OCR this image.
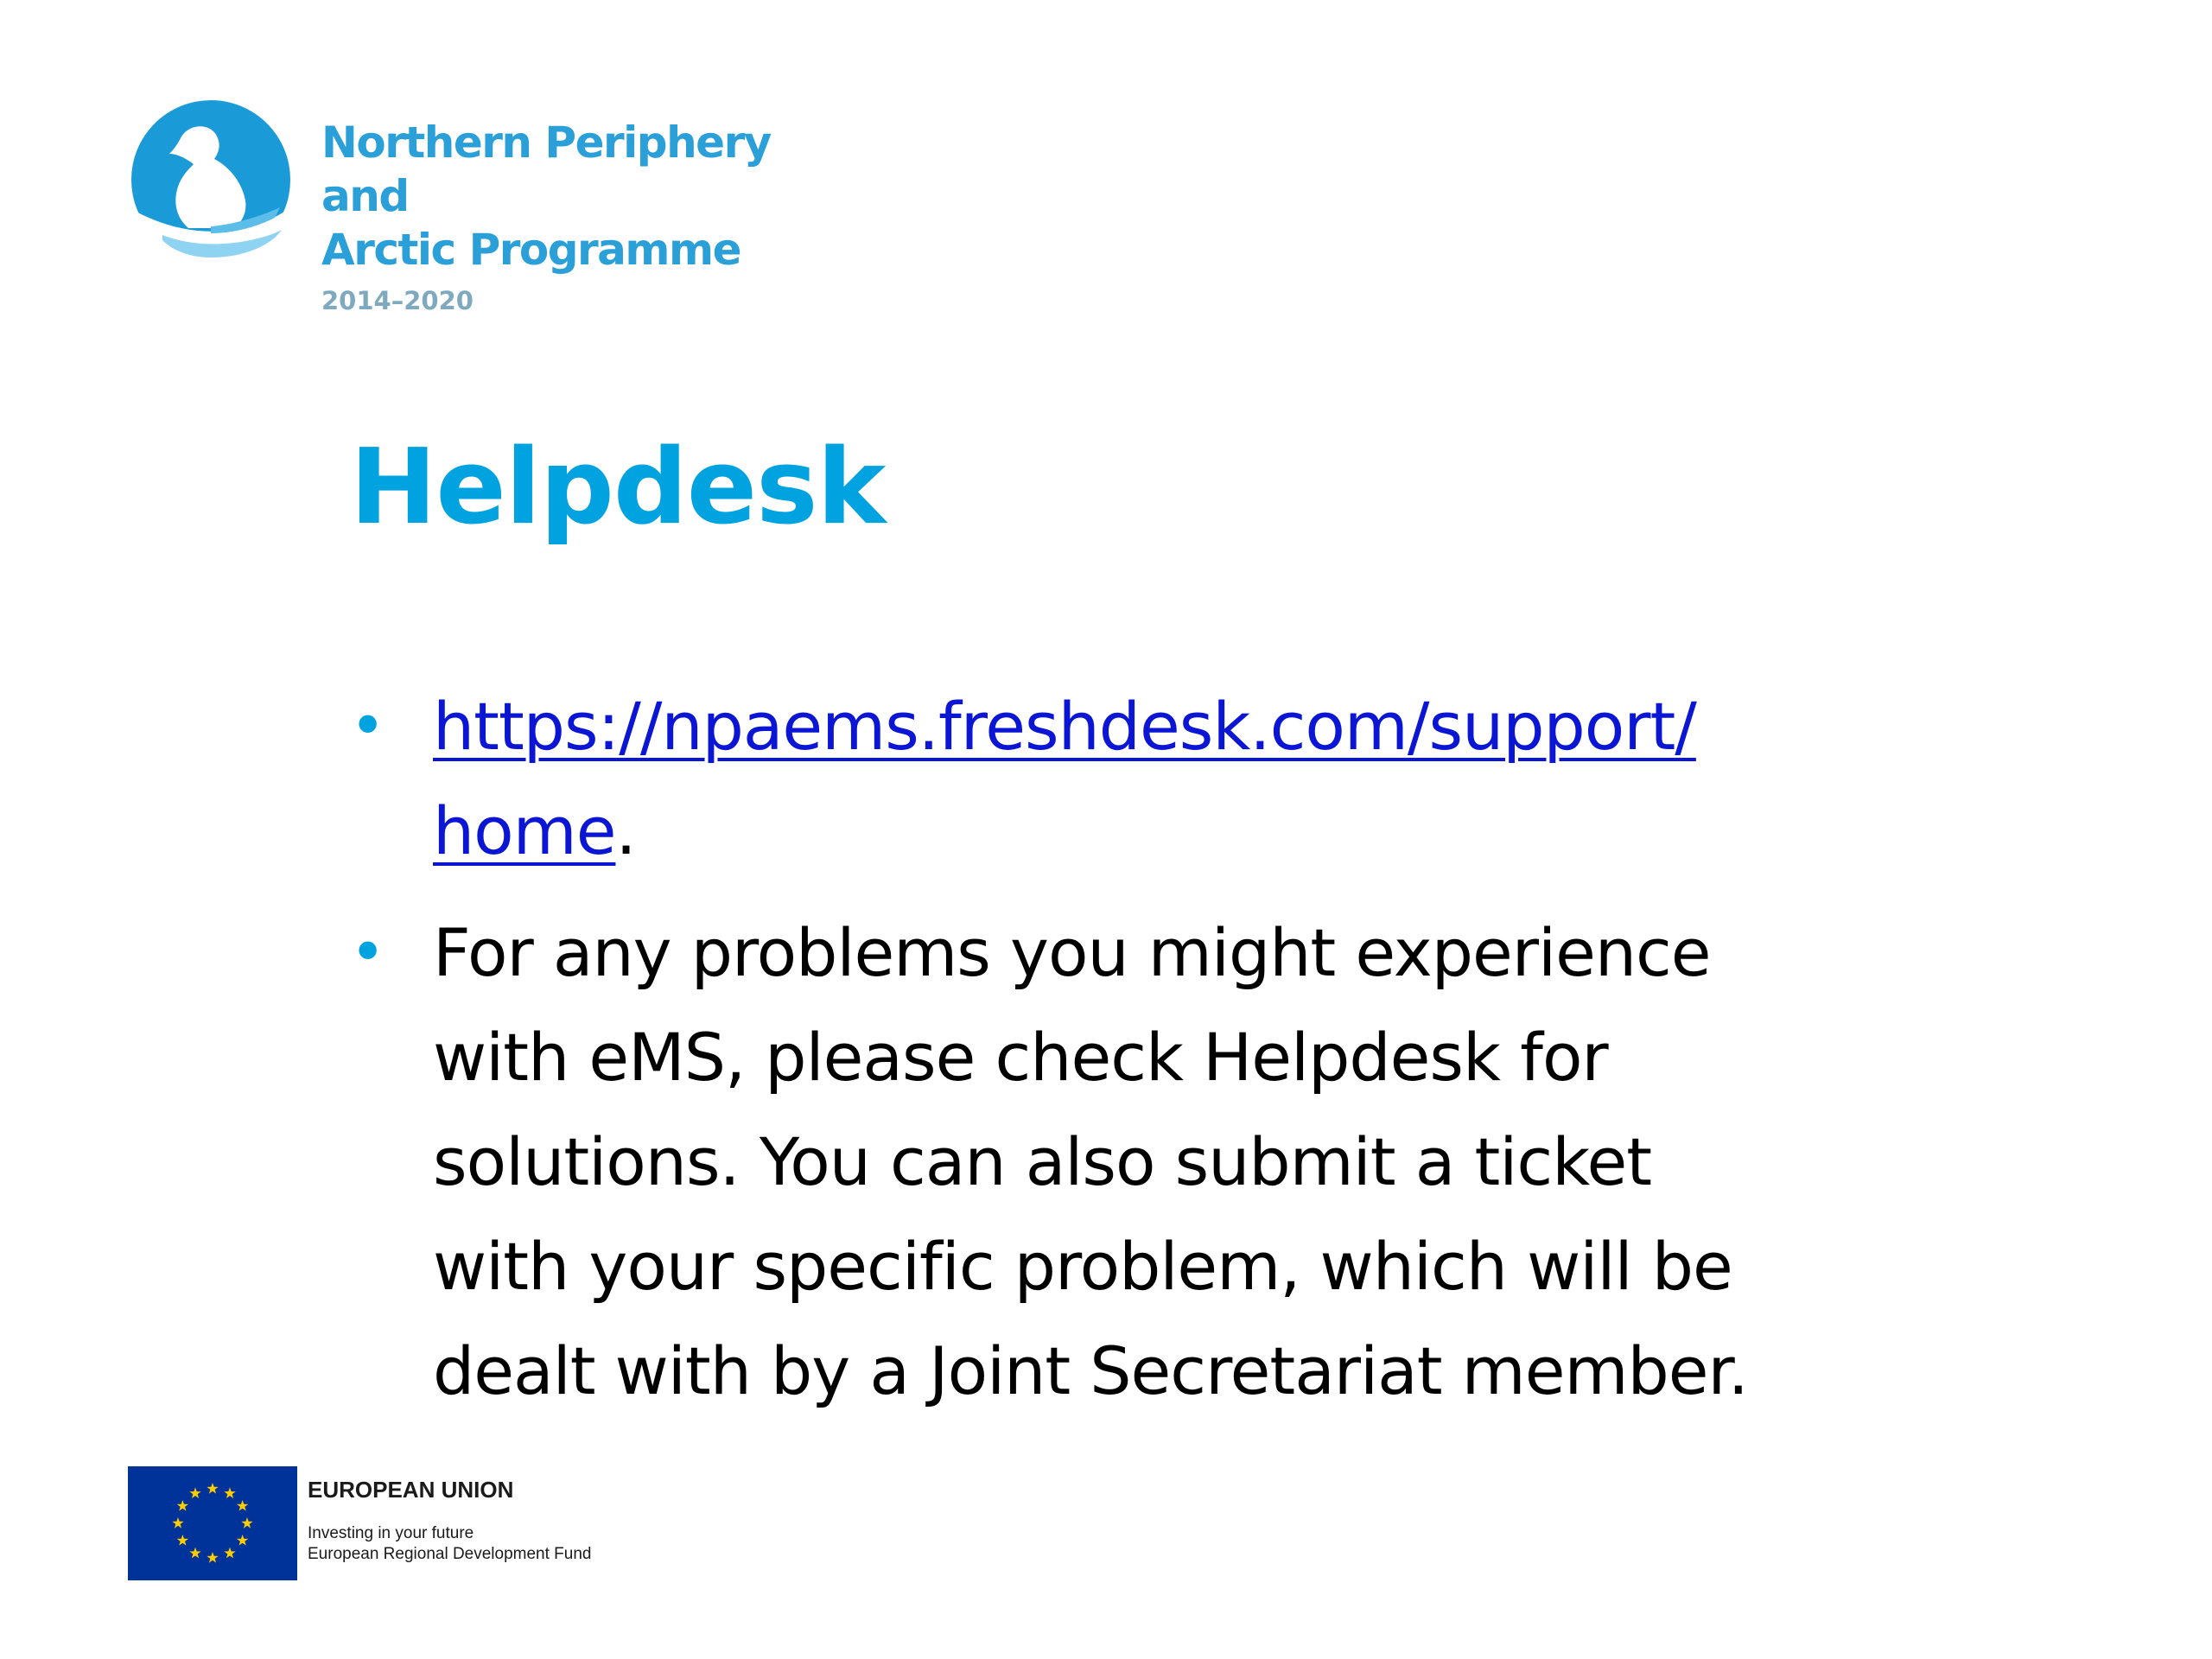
Northern Periphery and
Arctic Programme
2014–2020
Helpdesk
• https://npaems.freshdesk.com/support/
home.
• For any problems you might experience
with eMS, please check Helpdesk for
solutions. You can also submit a ticket
with your specific problem, which will be
dealt with by a Joint Secretariat member.
EUROPEAN UNION
Investing in your future
European Regional Development Fund
